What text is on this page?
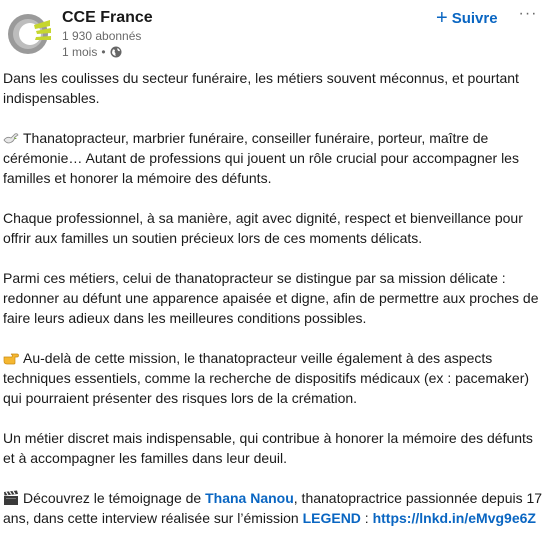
CCE France
1 930 abonnés
1 mois •
+ Suivre ···

Dans les coulisses du secteur funéraire, les métiers souvent méconnus, et pourtant indispensables.

Thanatopracteur, marbrier funéraire, conseiller funéraire, porteur, maître de cérémonie… Autant de professions qui jouent un rôle crucial pour accompagner les familles et honorer la mémoire des défunts.

Chaque professionnel, à sa manière, agit avec dignité, respect et bienveillance pour offrir aux familles un soutien précieux lors de ces moments délicats.

Parmi ces métiers, celui de thanatopracteur se distingue par sa mission délicate : redonner au défunt une apparence apaisée et digne, afin de permettre aux proches de faire leurs adieux dans les meilleures conditions possibles.

Au-delà de cette mission, le thanatopracteur veille également à des aspects techniques essentiels, comme la recherche de dispositifs médicaux (ex : pacemaker) qui pourraient présenter des risques lors de la crémation.

Un métier discret mais indispensable, qui contribue à honorer la mémoire des défunts et à accompagner les familles dans leur deuil.

Découvrez le témoignage de Thana Nanou, thanatopractrice passionnée depuis 17 ans, dans cette interview réalisée sur l’émission LEGEND : https://lnkd.in/eMvg9e6Z
